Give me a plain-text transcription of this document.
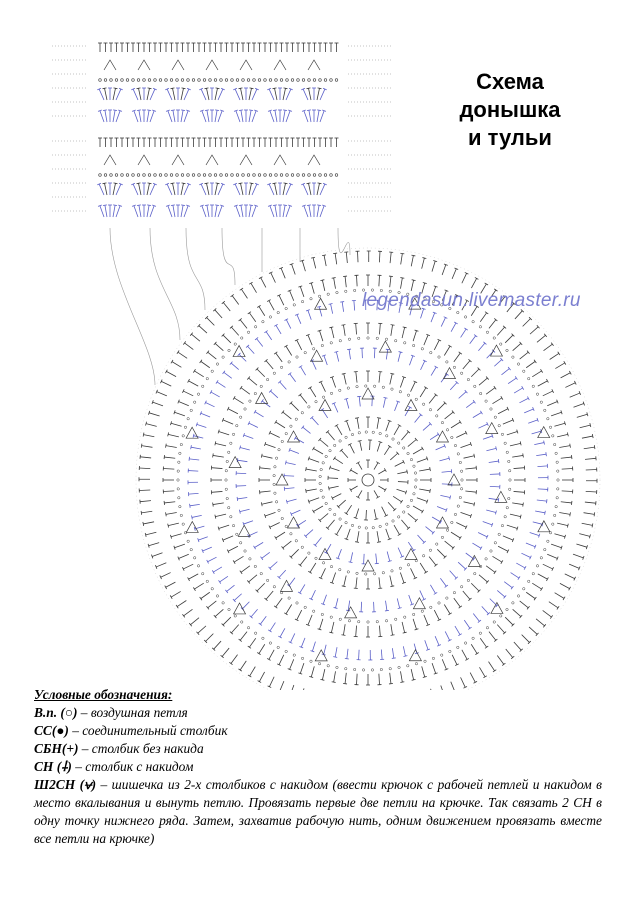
Схема
донышка
и тульи
legendasun.livemaster.ru
Условные обозначения:

В.п. (○) – воздушная петля

СС(●) – соединительный столбик

СБН(+) – столбик без накида

СН (⸸) – столбик с накидом

Ш2СН (⩝) – шишечка из 2-х столбиков с накидом (ввести крючок с рабочей петлей и накидом в место вкалывания и вынуть петлю. Провязать первые две петли на крючке. Так связать 2 СН в одну точку нижнего ряда. Затем, захватив рабочую нить, одним движением провязать вместе все петли на крючке)
